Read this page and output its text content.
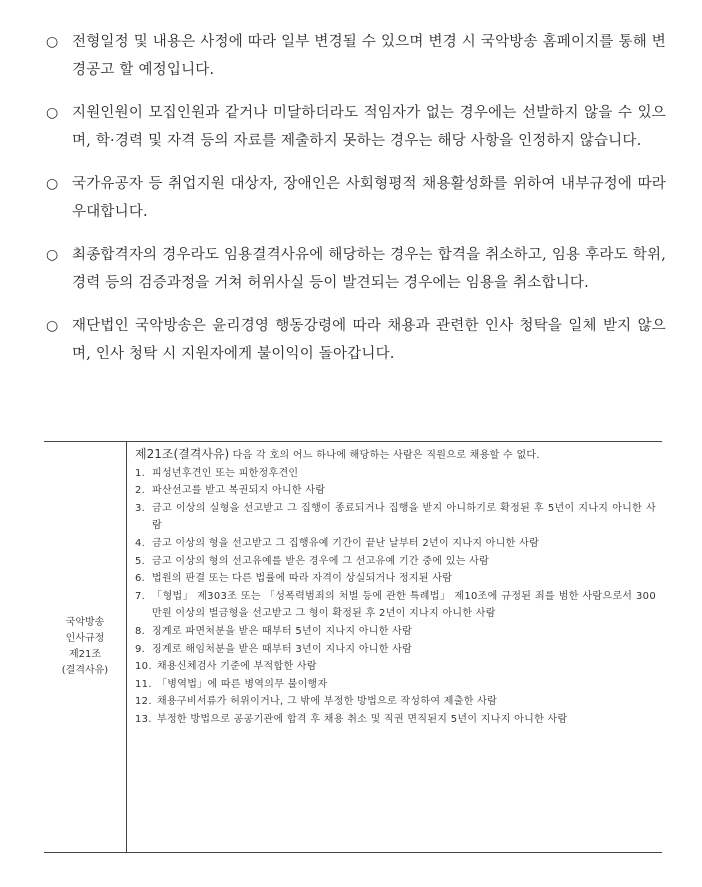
○ 전형일정 및 내용은 사정에 따라 일부 변경될 수 있으며 변경 시 국악방송 홈페이지를 통해 변경공고 할 예정입니다.
○ 지원인원이 모집인원과 같거나 미달하더라도 적임자가 없는 경우에는 선발하지 않을 수 있으며, 학·경력 및 자격 등의 자료를 제출하지 못하는 경우는 해당 사항을 인정하지 않습니다.
○ 국가유공자 등 취업지원 대상자, 장애인은 사회형평적 채용활성화를 위하여 내부규정에 따라 우대합니다.
○ 최종합격자의 경우라도 임용결격사유에 해당하는 경우는 합격을 취소하고, 임용 후라도 학위, 경력 등의 검증과정을 거쳐 허위사실 등이 발견되는 경우에는 임용을 취소합니다.
○ 재단법인 국악방송은 윤리경영 행동강령에 따라 채용과 관련한 인사 청탁을 일체 받지 않으며, 인사 청탁 시 지원자에게 불이익이 돌아갑니다.
국악방송
인사규정
제21조
(결격사유)
제21조(결격사유) 다음 각 호의 어느 하나에 해당하는 사람은 직원으로 채용할 수 없다.
1. 피성년후견인 또는 피한정후견인
2. 파산선고를 받고 복권되지 아니한 사람
3. 금고 이상의 실형을 선고받고 그 집행이 종료되거나 집행을 받지 아니하기로 확정된 후 5년이 지나지 아니한 사람
4. 금고 이상의 형을 선고받고 그 집행유예 기간이 끝난 날부터 2년이 지나지 아니한 사람
5. 금고 이상의 형의 선고유예를 받은 경우에 그 선고유예 기간 중에 있는 사람
6. 법원의 판결 또는 다른 법률에 따라 자격이 상실되거나 정지된 사람
7. 「형법」 제303조 또는 「성폭력범죄의 처벌 등에 관한 특례법」 제10조에 규정된 죄를 범한 사람으로서 300만원 이상의 벌금형을 선고받고 그 형이 확정된 후 2년이 지나지 아니한 사람
8. 징계로 파면처분을 받은 때부터 5년이 지나지 아니한 사람
9. 징계로 해임처분을 받은 때부터 3년이 지나지 아니한 사람
10. 채용신체검사 기준에 부적합한 사람
11. 「병역법」에 따른 병역의무 불이행자
12. 채용구비서류가 허위이거나, 그 밖에 부정한 방법으로 작성하여 제출한 사람
13. 부정한 방법으로 공공기관에 합격 후 채용 취소 및 직권 면직된지 5년이 지나지 아니한 사람
